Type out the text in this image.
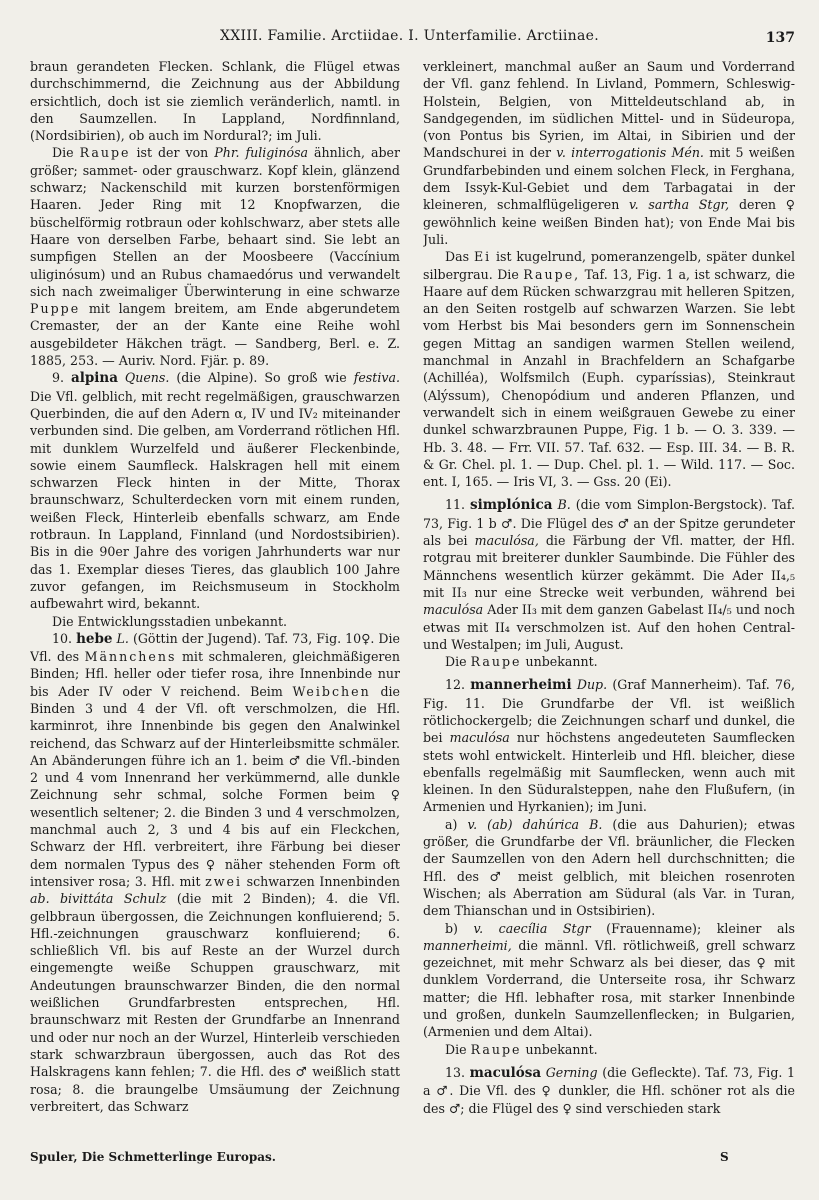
XXIII. Familie. Arctiidae. I. Unterfamilie. Arctiinae.	137

braun gerandeten Flecken. Schlank, die Flügel etwas durchschimmernd, die Zeichnung aus der Abbildung ersichtlich, doch ist sie ziemlich veränderlich, namtl. in den Saumzellen. In Lappland, Nordfinnland, (Nordsibirien), ob auch im Nordural?; im Juli.

Die Raupe ist der von Phr. fuliginósa ähnlich, aber größer; sammet- oder grauschwarz. Kopf klein, glänzend schwarz; Nackenschild mit kurzen borstenförmigen Haaren. Jeder Ring mit 12 Knopfwarzen, die büschelförmig rotbraun oder kohlschwarz, aber stets alle Haare von derselben Farbe, behaart sind. Sie lebt an sumpfigen Stellen an der Moosbeere (Vaccínium uliginósum) und an Rubus chamaedórus und verwandelt sich nach zweimaliger Überwinterung in eine schwarze Puppe mit langem breitem, am Ende abgerundetem Cremaster, der an der Kante eine Reihe wohl ausgebildeter Häkchen trägt. — Sandberg, Berl. e. Z. 1885, 253. — Auriv. Nord. Fjär. p. 89.

9. alpina Quens. (die Alpine). So groß wie festiva. Die Vfl. gelblich, mit recht regelmäßigen, grauschwarzen Querbinden, die auf den Adern α, IV und IV₂ miteinander verbunden sind. Die gelben, am Vorderrand rötlichen Hfl. mit dunklem Wurzelfeld und äußerer Fleckenbinde, sowie einem Saumfleck. Halskragen hell mit einem schwarzen Fleck hinten in der Mitte, Thorax braunschwarz, Schulterdecken vorn mit einem runden, weißen Fleck, Hinterleib ebenfalls schwarz, am Ende rotbraun. In Lappland, Finnland (und Nordostsibirien). Bis in die 90er Jahre des vorigen Jahrhunderts war nur das 1. Exemplar dieses Tieres, das glaublich 100 Jahre zuvor gefangen, im Reichsmuseum in Stockholm aufbewahrt wird, bekannt.

Die Entwicklungsstadien unbekannt.

10. hebe L. (Göttin der Jugend). Taf. 73, Fig. 10♀. Die Vfl. des Männchens mit schmaleren, gleichmäßigeren Binden; Hfl. heller oder tiefer rosa, ihre Innenbinde nur bis Ader IV oder V reichend. Beim Weibchen die Binden 3 und 4 der Vfl. oft verschmolzen, die Hfl. karminrot, ihre Innenbinde bis gegen den Analwinkel reichend, das Schwarz auf der Hinterleibsmitte schmäler. An Abänderungen führe ich an 1. beim ♂ die Vfl.-binden 2 und 4 vom Innenrand her verkümmernd, alle dunkle Zeichnung sehr schmal, solche Formen beim ♀ wesentlich seltener; 2. die Binden 3 und 4 verschmolzen, manchmal auch 2, 3 und 4 bis auf ein Fleckchen, Schwarz der Hfl. verbreitert, ihre Färbung bei dieser dem normalen Typus des ♀ näher stehenden Form oft intensiver rosa; 3. Hfl. mit zwei schwarzen Innenbinden ab. bivittáta Schulz (die mit 2 Binden); 4. die Vfl. gelbbraun übergossen, die Zeichnungen konfluierend; 5. Hfl.-zeichnungen grauschwarz konfluierend; 6. schließlich Vfl. bis auf Reste an der Wurzel durch eingemengte weiße Schuppen grauschwarz, mit Andeutungen braunschwarzer Binden, die den normal weißlichen Grundfarbresten entsprechen, Hfl. braunschwarz mit Resten der Grundfarbe an Innenrand und oder nur noch an der Wurzel, Hinterleib verschieden stark schwarzbraun übergossen, auch das Rot des Halskragens kann fehlen; 7. die Hfl. des ♂ weißlich statt rosa; 8. die braungelbe Umsäumung der Zeichnung verbreitert, das Schwarz

verkleinert, manchmal außer an Saum und Vorderrand der Vfl. ganz fehlend. In Livland, Pommern, Schleswig-Holstein, Belgien, von Mitteldeutschland ab, in Sandgegenden, im südlichen Mittel- und in Südeuropa, (von Pontus bis Syrien, im Altai, in Sibirien und der Mandschurei in der v. interrogationis Mén. mit 5 weißen Grundfarbebinden und einem solchen Fleck, in Ferghana, dem Issyk-Kul-Gebiet und dem Tarbagatai in der kleineren, schmalflügeligeren v. sartha Stgr, deren ♀ gewöhnlich keine weißen Binden hat); von Ende Mai bis Juli.

Das Ei ist kugelrund, pomeranzengelb, später dunkel silbergrau. Die Raupe, Taf. 13, Fig. 1 a, ist schwarz, die Haare auf dem Rücken schwarzgrau mit helleren Spitzen, an den Seiten rostgelb auf schwarzen Warzen. Sie lebt vom Herbst bis Mai besonders gern im Sonnenschein gegen Mittag an sandigen warmen Stellen weilend, manchmal in Anzahl in Brachfeldern an Schafgarbe (Achilléa), Wolfsmilch (Euph. cyparíssias), Steinkraut (Alýssum), Chenopódium und anderen Pflanzen, und verwandelt sich in einem weißgrauen Gewebe zu einer dunkel schwarzbraunen Puppe, Fig. 1 b. — O. 3. 339. — Hb. 3. 48. — Frr. VII. 57. Taf. 632. — Esp. III. 34. — B. R. & Gr. Chel. pl. 1. — Dup. Chel. pl. 1. — Wild. 117. — Soc. ent. I, 165. — Iris VI, 3. — Gss. 20 (Ei).

11. simplónica B. (die vom Simplon-Bergstock). Taf. 73, Fig. 1 b ♂. Die Flügel des ♂ an der Spitze gerundeter als bei maculósa, die Färbung der Vfl. matter, der Hfl. rotgrau mit breiterer dunkler Saumbinde. Die Fühler des Männchens wesentlich kürzer gekämmt. Die Ader II₄,₅ mit II₃ nur eine Strecke weit verbunden, während bei maculósa Ader II₃ mit dem ganzen Gabelast II₄/₅ und noch etwas mit II₄ verschmolzen ist. Auf den hohen Central- und Westalpen; im Juli, August.

Die Raupe unbekannt.

12. mannerheimi Dup. (Graf Mannerheim). Taf. 76, Fig. 11. Die Grundfarbe der Vfl. ist weißlich rötlichockergelb; die Zeichnungen scharf und dunkel, die bei maculósa nur höchstens angedeuteten Saumflecken stets wohl entwickelt. Hinterleib und Hfl. bleicher, diese ebenfalls regelmäßig mit Saumflecken, wenn auch mit kleinen. In den Süduralsteppen, nahe den Flußufern, (in Armenien und Hyrkanien); im Juni.

a) v. (ab) dahúrica B. (die aus Dahurien); etwas größer, die Grundfarbe der Vfl. bräunlicher, die Flecken der Saumzellen von den Adern hell durchschnitten; die Hfl. des ♂ meist gelblich, mit bleichen rosenroten Wischen; als Aberration am Südural (als Var. in Turan, dem Thianschan und in Ostsibirien).

b) v. caecília Stgr (Frauenname); kleiner als mannerheimi, die männl. Vfl. rötlichweiß, grell schwarz gezeichnet, mit mehr Schwarz als bei dieser, das ♀ mit dunklem Vorderrand, die Unterseite rosa, ihr Schwarz matter; die Hfl. lebhafter rosa, mit starker Innenbinde und großen, dunkeln Saumzellenflecken; in Bulgarien, (Armenien und dem Altai).

Die Raupe unbekannt.

13. maculósa Gerning (die Gefleckte). Taf. 73, Fig. 1 a ♂. Die Vfl. des ♀ dunkler, die Hfl. schöner rot als die des ♂; die Flügel des ♀ sind verschieden stark

Spuler, Die Schmetterlinge Europas.	S
